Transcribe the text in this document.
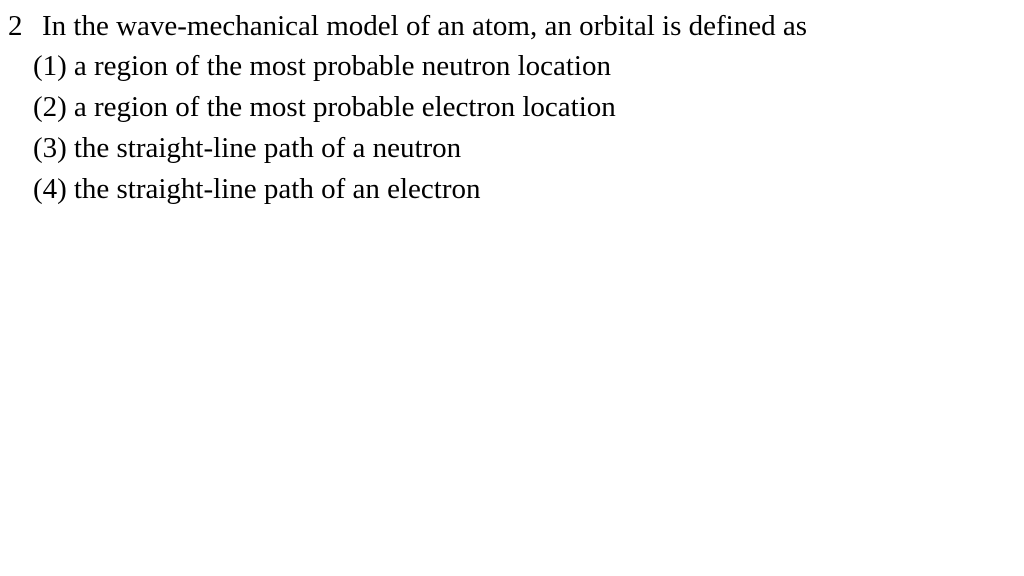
2 In the wave-mechanical model of an atom, an orbital is defined as
(1) a region of the most probable neutron location
(2) a region of the most probable electron location
(3) the straight-line path of a neutron
(4) the straight-line path of an electron
